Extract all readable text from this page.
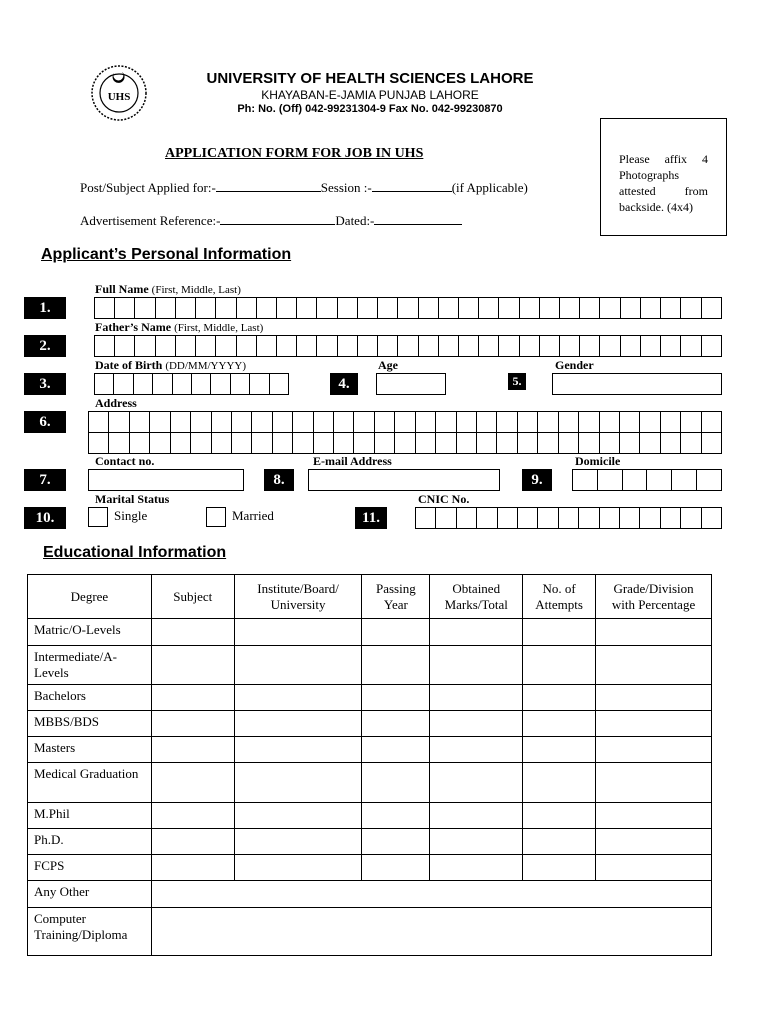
UHS
UNIVERSITY OF HEALTH SCIENCES LAHORE
KHAYABAN-E-JAMIA PUNJAB LAHORE
Ph: No. (Off) 042-99231304-9 Fax No. 042-99230870
Please affix 4 Photographs attested from backside. (4x4)
APPLICATION FORM FOR JOB IN UHS
Post/Subject Applied for:-	Session :-	(if Applicable)
Advertisement Reference:-	Dated:-
Applicant’s Personal Information
Full Name (First, Middle, Last)
1.
Father’s Name (First, Middle, Last)
2.
Date of Birth (DD/MM/YYYY)	Age	Gender
3.	4.	5.
Address
6.
Contact no.	E-mail Address	Domicile
7.	8.	9.
Marital Status	CNIC No.
10.	Single	Married	11.
Educational Information
Degree	Subject	Institute/Board/ University	Passing Year	Obtained Marks/Total	No. of Attempts	Grade/Division with Percentage
Matric/O-Levels						
Intermediate/A-Levels						
Bachelors						
MBBS/BDS						
Masters						
Medical Graduation						
M.Phil						
Ph.D.						
FCPS						
Any Other						
Computer Training/Diploma						
